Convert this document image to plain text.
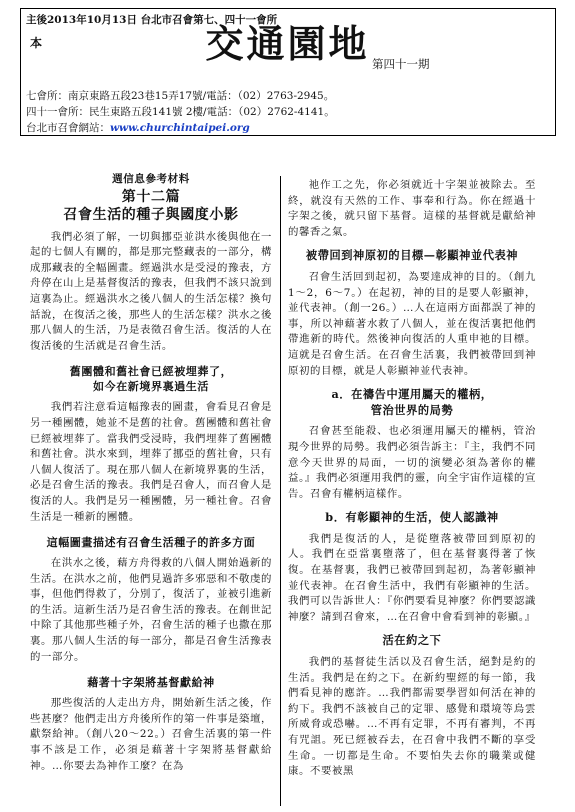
主後2013年10月13日 台北市召會第七、四十一會所
本	交通園地 第四十一期
七會所：南京東路五段23巷15弄17號/電話：（02）2763-2945。
四十一會所：民生東路五段141號 2樓/電話：（02）2762-4141。
台北市召會網站：www.churchintaipei.org
週信息參考材料
第十二篇
召會生活的種子與國度小影

我們必須了解，一切與挪亞並洪水後與他在一起的七個人有關的，都是那完整藏表的一部分，構成那藏表的全幅圖畫。經過洪水是受浸的豫表，方舟停在山上是基督復活的豫表，但我們不該只說到這裏為止。經過洪水之後八個人的生活怎樣？換句話說，在復活之後，那些人的生活怎樣？洪水之後那八個人的生活，乃是表徵召會生活。復活的人在復活後的生活就是召會生活。

舊團體和舊社會已經被埋葬了，
如今在新境界裏過生活

我們若注意看這幅豫表的圖畫，會看見召會是另一種團體，她並不是舊的社會。舊團體和舊社會已經被埋葬了。當我們受浸時，我們埋葬了舊團體和舊社會。洪水來到，埋葬了挪亞的舊社會，只有八個人復活了。現在那八個人在新境界裏的生活，必是召會生活的豫表。我們是召會人，而召會人是復活的人。我們是另一種團體，另一種社會。召會生活是一種新的團體。

這幅圖畫描述有召會生活種子的許多方面

在洪水之後，藉方舟得救的八個人開始過新的生活。在洪水之前，他們見過許多邪惡和不敬虔的事，但他們得救了，分別了，復活了，並被引進新的生活。這新生活乃是召會生活的豫表。在創世記中除了其他那些種子外，召會生活的種子也撒在那裏。那八個人生活的每一部分，都是召會生活豫表的一部分。

藉著十字架將基督獻給神

那些復活的人走出方舟，開始新生活之後，作些甚麼？他們走出方舟後所作的第一件事是築壇，獻祭給神。（創八20～22。）召會生活裏的第一件事不該是工作，必須是藉著十字架將基督獻給神。…你要去為神作工麼？在為

祂作工之先，你必須就近十字架並被除去。至終，就沒有天然的工作、事奉和行為。你在經過十字架之後，就只留下基督。這樣的基督就是獻給神的馨香之氣。

被帶回到神原初的目標—彰顯神並代表神

召會生活回到起初，為要達成神的目的。（創九1～2，6～7。）在起初，神的目的是要人彰顯神，並代表神。（創一26。）…人在這兩方面都誤了神的事，所以神藉著水救了八個人，並在復活裏把他們帶進新的時代。然後神向復活的人重申祂的目標。這就是召會生活。在召會生活裏，我們被帶回到神原初的目標，就是人彰顯神並代表神。

a．在禱告中運用屬天的權柄，
管治世界的局勢

召會甚至能殺、也必須運用屬天的權柄，管治現今世界的局勢。我們必須告訴主：『主，我們不同意今天世界的局面，一切的演變必須為著你的權益。』我們必須運用我們的靈，向全宇宙作這樣的宣告。召會有權柄這樣作。

b．有彰顯神的生活，使人認識神

我們是復活的人，是從墮落被帶回到原初的人。我們在亞當裏墮落了，但在基督裏得著了恢復。在基督裏，我們已被帶回到起初，為著彰顯神並代表神。在召會生活中，我們有彰顯神的生活。我們可以告訴世人：『你們要看見神麼？你們要認識神麼？請到召會來，…在召會中會看到神的彰顯。』

活在約之下

我們的基督徒生活以及召會生活，絕對是約的生活。我們是在約之下。在新約聖經的每一節，我們看見神的應許。…我們都需要學習如何活在神的約下。我們不該被自己的定罪、感覺和環境等烏雲所威脅或恐嚇。…不再有定罪，不再有審判，不再有咒詛。死已經被吞去，在召會中我們不斷的享受生命。一切都是生命。不要怕失去你的職業或健康。不要被黑
